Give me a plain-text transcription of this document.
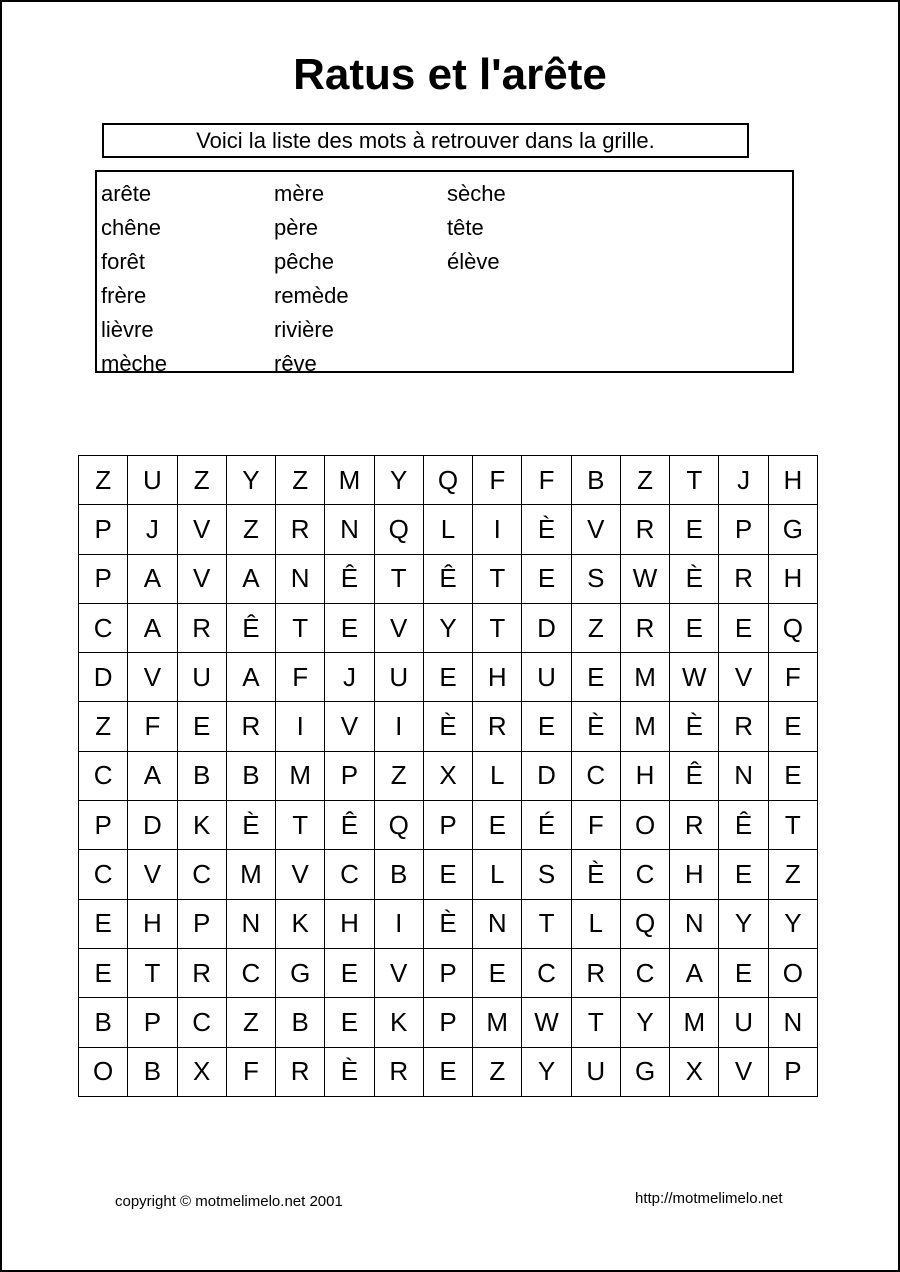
Ratus et l'arête
Voici la liste des mots à retrouver dans la grille.
arête
chêne
forêt
frère
lièvre
mèche
mère
père
pêche
remède
rivière
rêve
sèche
tête
élève
Z	U	Z	Y	Z	M	Y	Q	F	F	B	Z	T	J	H
P	J	V	Z	R	N	Q	L	I	È	V	R	E	P	G
P	A	V	A	N	Ê	T	Ê	T	E	S	W	È	R	H
C	A	R	Ê	T	E	V	Y	T	D	Z	R	E	E	Q
D	V	U	A	F	J	U	E	H	U	E	M	W	V	F
Z	F	E	R	I	V	I	È	R	E	È	M	È	R	E
C	A	B	B	M	P	Z	X	L	D	C	H	Ê	N	E
P	D	K	È	T	Ê	Q	P	E	É	F	O	R	Ê	T
C	V	C	M	V	C	B	E	L	S	È	C	H	E	Z
E	H	P	N	K	H	I	È	N	T	L	Q	N	Y	Y
E	T	R	C	G	E	V	P	E	C	R	C	A	E	O
B	P	C	Z	B	E	K	P	M	W	T	Y	M	U	N
O	B	X	F	R	È	R	E	Z	Y	U	G	X	V	P
copyright © motmelimelo.net 2001	http://motmelimelo.net
